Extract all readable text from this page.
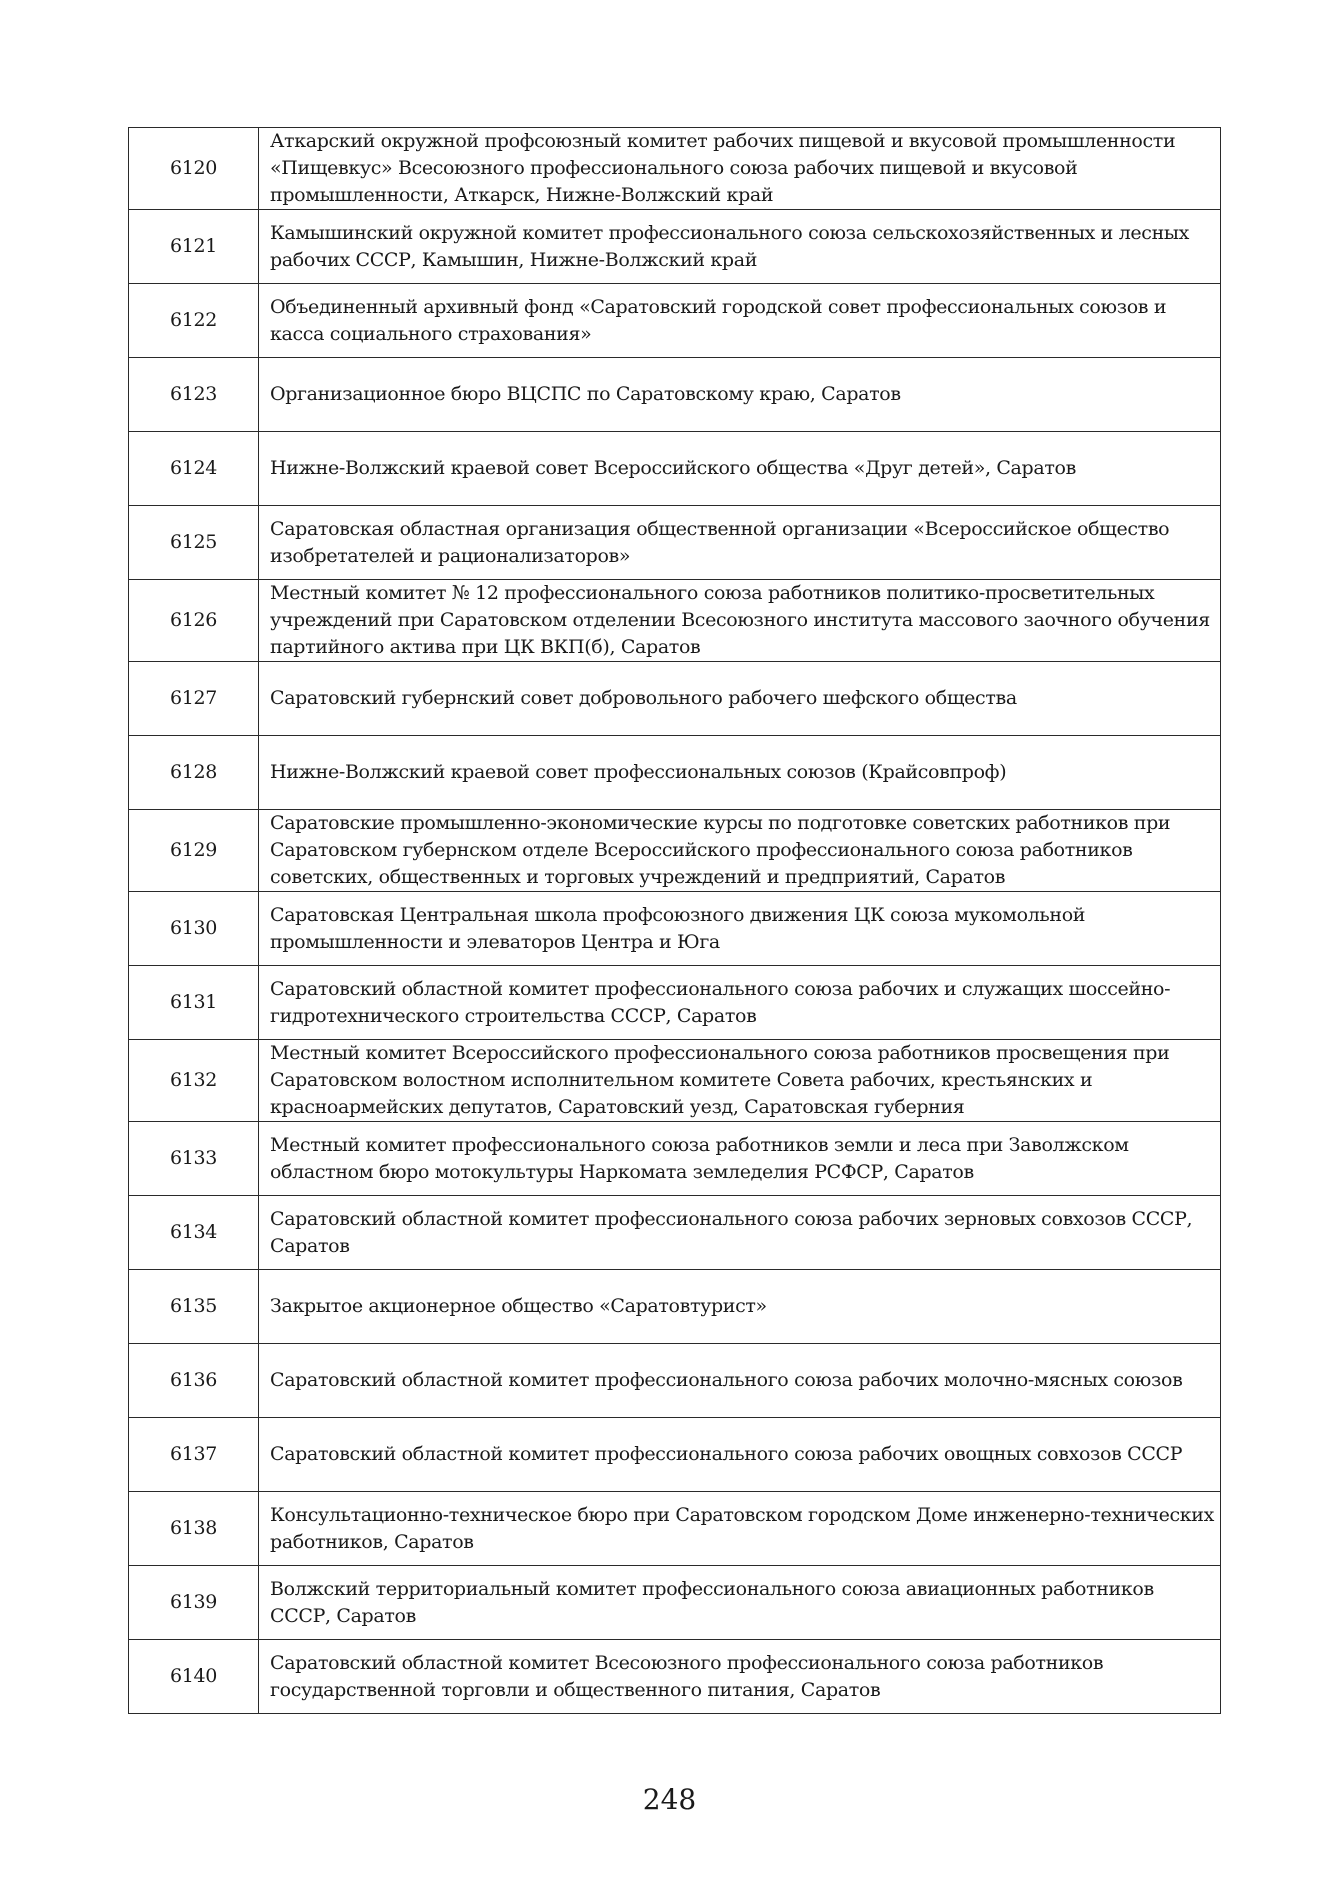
6120	Аткарский окружной профсоюзный комитет рабочих пищевой и вкусовой промышленности «Пищевкус» Всесоюзного профессионального союза рабочих пищевой и вкусовой промышленности, Аткарск, Нижне-Волжский край
6121	Камышинский окружной комитет профессионального союза сельскохозяйственных и лесных рабочих СССР, Камышин, Нижне-Волжский край
6122	Объединенный архивный фонд «Саратовский городской совет профессиональных союзов и касса социального страхования»
6123	Организационное бюро ВЦСПС по Саратовскому краю, Саратов
6124	Нижне-Волжский краевой совет Всероссийского общества «Друг детей», Саратов
6125	Саратовская областная организация общественной организации «Всероссийское общество изобретателей и рационализаторов»
6126	Местный комитет № 12 профессионального союза работников политико-просветительных учреждений при Саратовском отделении Всесоюзного института массового заочного обучения партийного актива при ЦК ВКП(б), Саратов
6127	Саратовский губернский совет добровольного рабочего шефского общества
6128	Нижне-Волжский краевой совет профессиональных союзов (Крайсовпроф)
6129	Саратовские промышленно-экономические курсы по подготовке советских работников при Саратовском губернском отделе Всероссийского профессионального союза работников советских, общественных и торговых учреждений и предприятий, Саратов
6130	Саратовская Центральная школа профсоюзного движения ЦК союза мукомольной промышленности и элеваторов Центра и Юга
6131	Саратовский областной комитет профессионального союза рабочих и служащих шоссейно-гидротехнического строительства СССР, Саратов
6132	Местный комитет Всероссийского профессионального союза работников просвещения при Саратовском волостном исполнительном комитете Совета рабочих, крестьянских и красноармейских депутатов, Саратовский уезд, Саратовская губерния
6133	Местный комитет профессионального союза работников земли и леса при Заволжском областном бюро мотокультуры Наркомата земледелия РСФСР, Саратов
6134	Саратовский областной комитет профессионального союза рабочих зерновых совхозов СССР, Саратов
6135	Закрытое акционерное общество «Саратовтурист»
6136	Саратовский областной комитет профессионального союза рабочих молочно-мясных союзов
6137	Саратовский областной комитет профессионального союза рабочих овощных совхозов СССР
6138	Консультационно-техническое бюро при Саратовском городском Доме инженерно-технических работников, Саратов
6139	Волжский территориальный комитет профессионального союза авиационных работников СССР, Саратов
6140	Саратовский областной комитет Всесоюзного профессионального союза работников государственной торговли и общественного питания, Саратов
248
